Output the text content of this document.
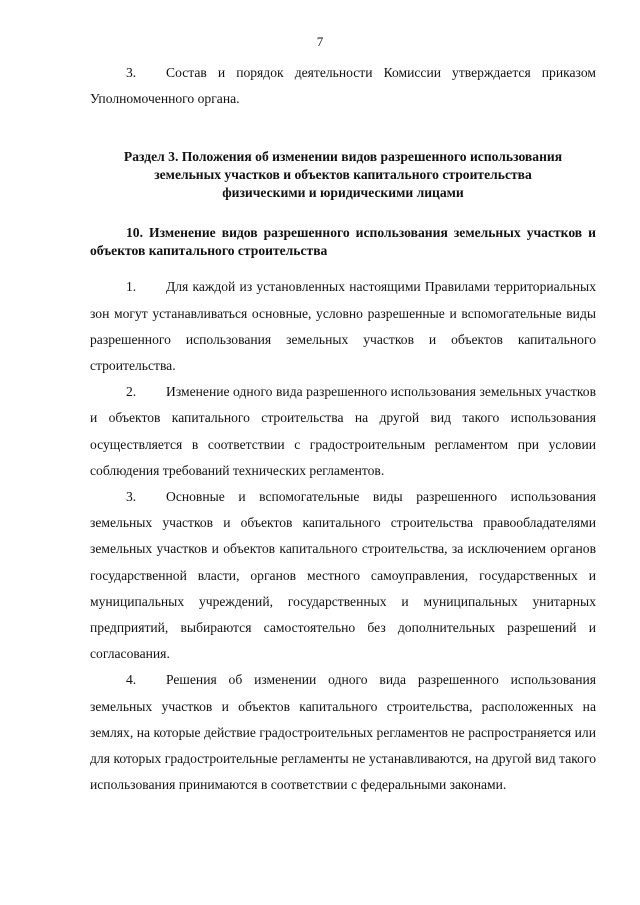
7

3. Состав и порядок деятельности Комиссии утверждается приказом Уполномоченного органа.

Раздел 3. Положения об изменении видов разрешенного использования
земельных участков и объектов капитального строительства
физическими и юридическими лицами
10. Изменение видов разрешенного использования земельных участков и объектов капитального строительства

1. Для каждой из установленных настоящими Правилами территориальных зон могут устанавливаться основные, условно разрешенные и вспомогательные виды разрешенного использования земельных участков и объектов капитального строительства.

2. Изменение одного вида разрешенного использования земельных участков и объектов капитального строительства на другой вид такого использования осуществляется в соответствии с градостроительным регламентом при условии соблюдения требований технических регламентов.

3. Основные и вспомогательные виды разрешенного использования земельных участков и объектов капитального строительства правообладателями земельных участков и объектов капитального строительства, за исключением органов государственной власти, органов местного самоуправления, государственных и муниципальных учреждений, государственных и муниципальных унитарных предприятий, выбираются самостоятельно без дополнительных разрешений и согласования.

4. Решения об изменении одного вида разрешенного использования земельных участков и объектов капитального строительства, расположенных на землях, на которые действие градостроительных регламентов не распространяется или для которых градостроительные регламенты не устанавливаются, на другой вид такого использования принимаются в соответствии с федеральными законами.
